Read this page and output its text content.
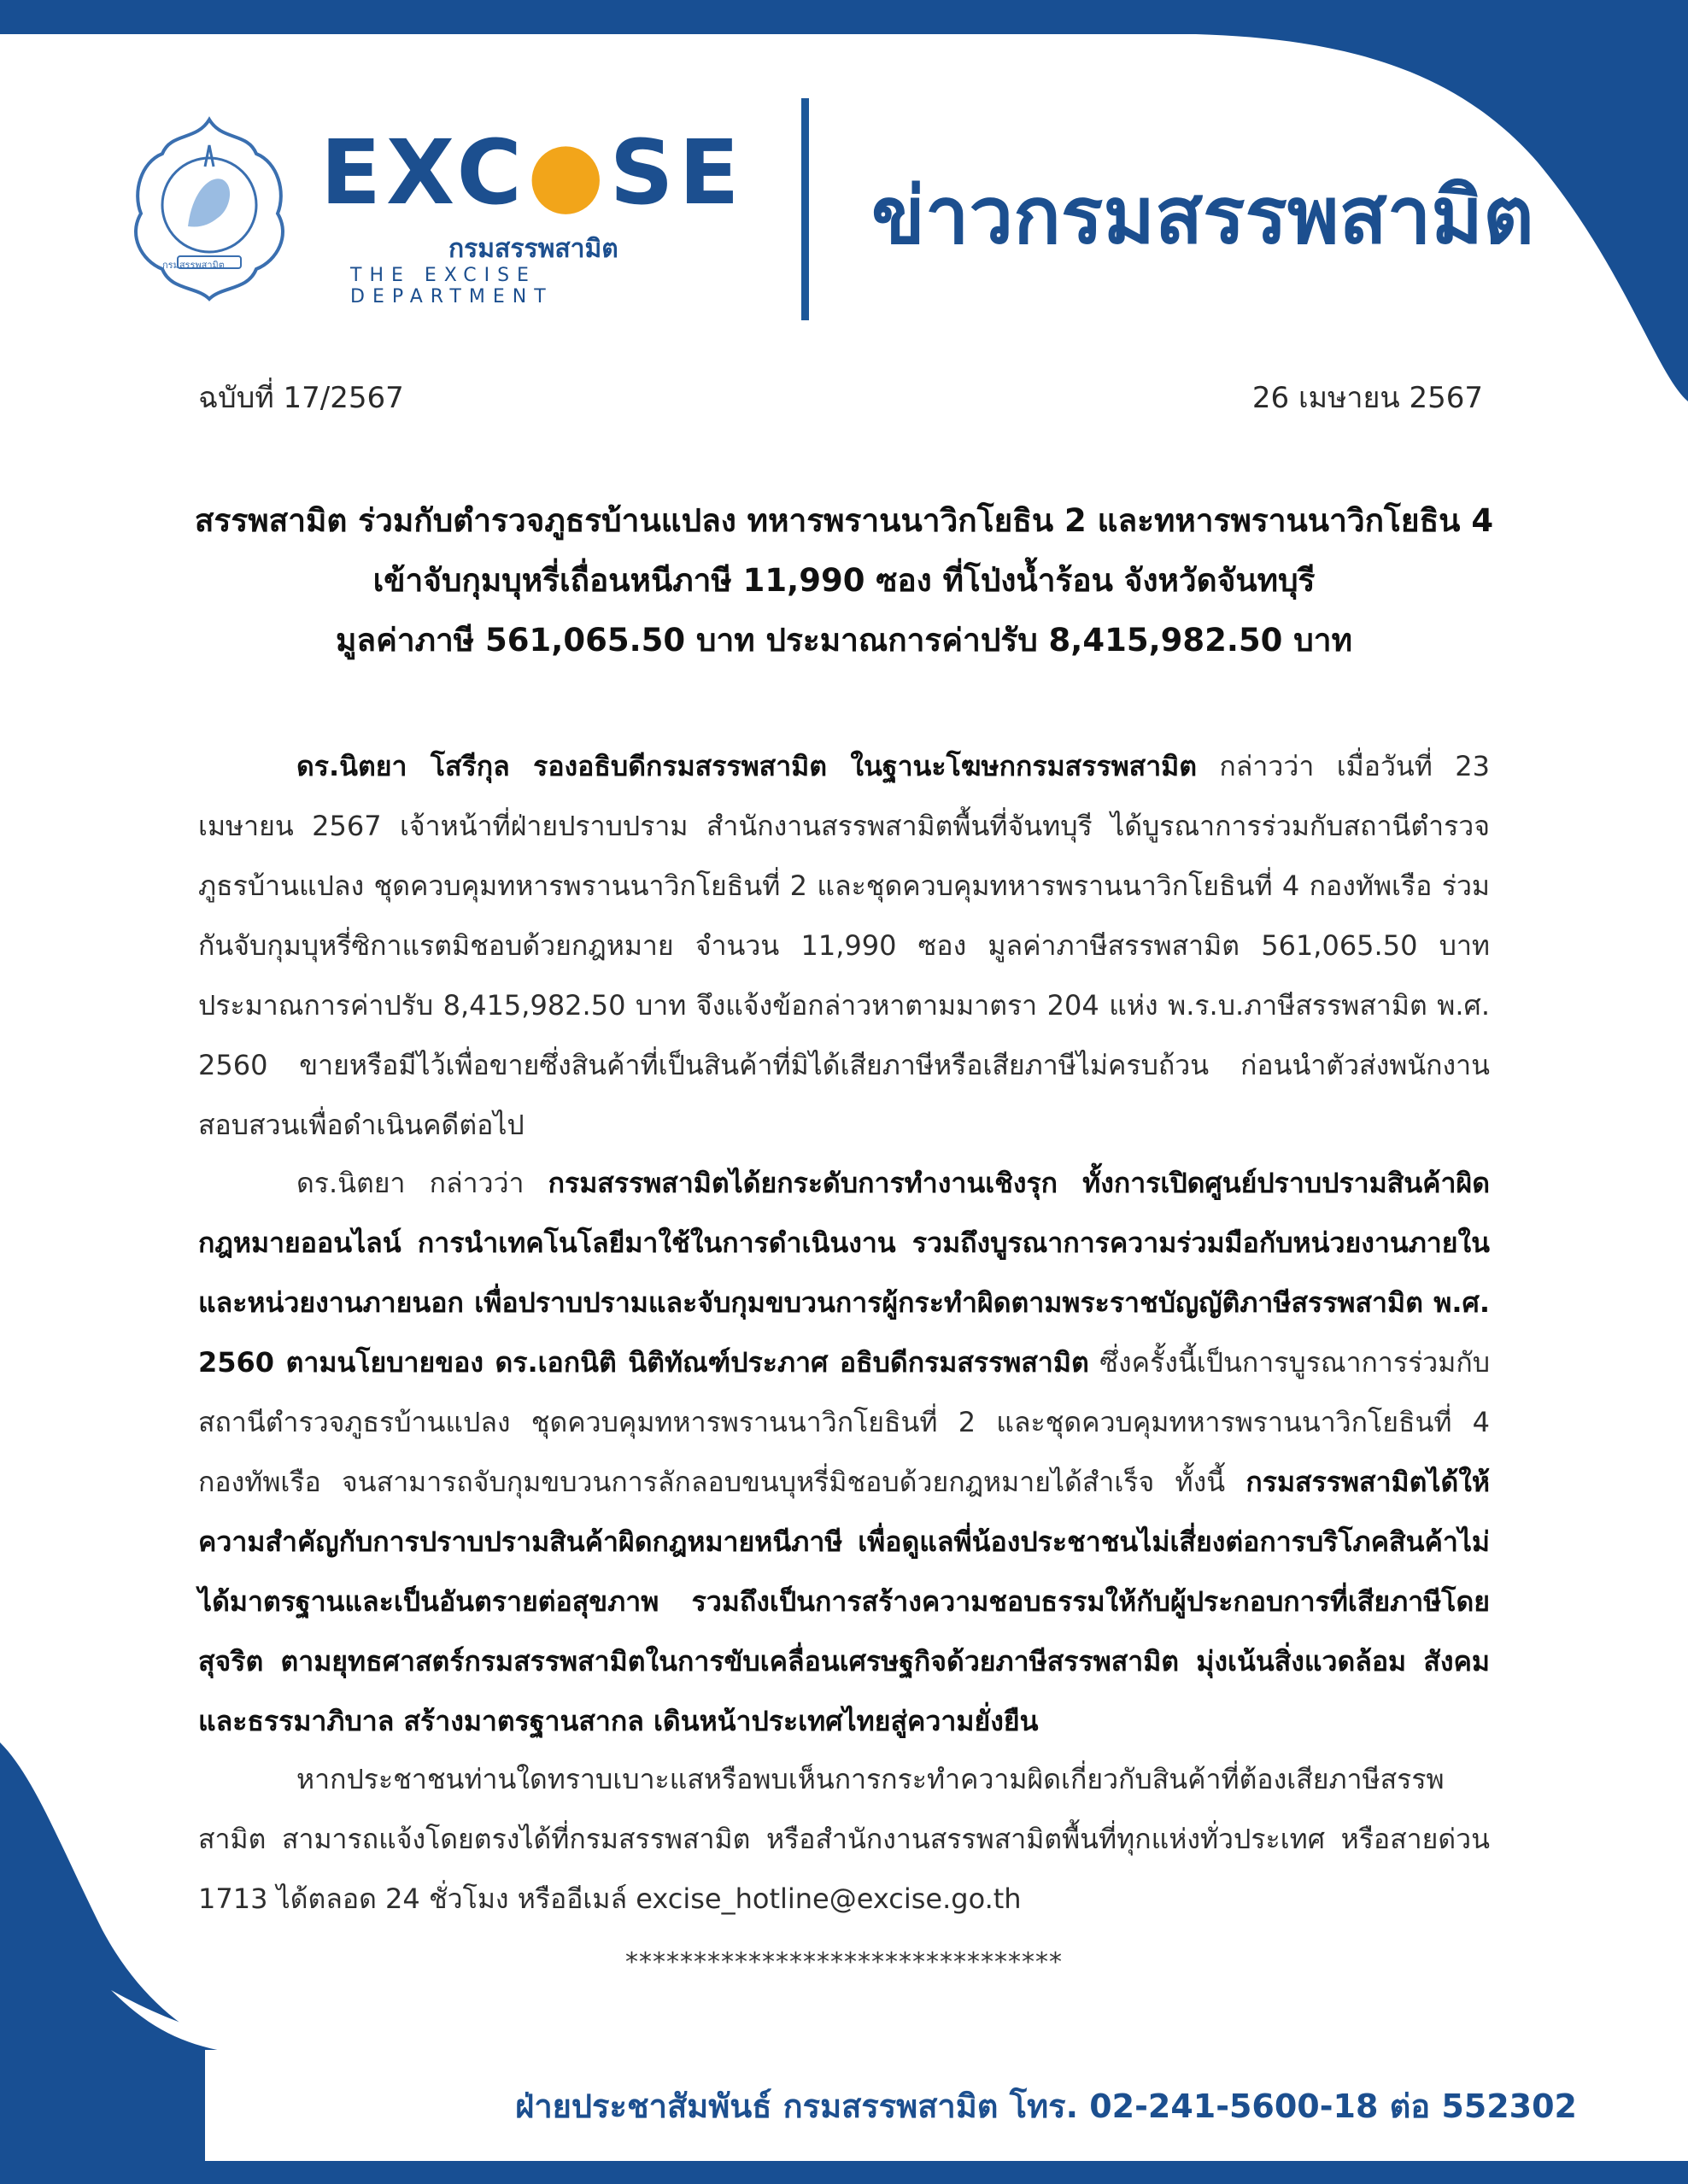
กรมสรรพสามิต
EXC●SE
กรมสรรพสามิต
THE EXCISE DEPARTMENT
ข่าวกรมสรรพสามิต
ฉบับที่ 17/2567	26 เมษายน 2567
สรรพสามิต ร่วมกับตำรวจภูธรบ้านแปลง ทหารพรานนาวิกโยธิน 2 และทหารพรานนาวิกโยธิน 4
เข้าจับกุมบุหรี่เถื่อนหนีภาษี 11,990 ซอง ที่โป่งน้ำร้อน จังหวัดจันทบุรี
มูลค่าภาษี 561,065.50 บาท ประมาณการค่าปรับ 8,415,982.50 บาท
ดร.นิตยา โสรีกุล รองอธิบดีกรมสรรพสามิต ในฐานะโฆษกกรมสรรพสามิต กล่าวว่า เมื่อวันที่ 23 เมษายน 2567 เจ้าหน้าที่ฝ่ายปราบปราม สำนักงานสรรพสามิตพื้นที่จันทบุรี ได้บูรณาการร่วมกับสถานีตำรวจภูธรบ้านแปลง ชุดควบคุมทหารพรานนาวิกโยธินที่ 2 และชุดควบคุมทหารพรานนาวิกโยธินที่ 4 กองทัพเรือ ร่วมกันจับกุมบุหรี่ซิกาแรตมิชอบด้วยกฎหมาย จำนวน 11,990 ซอง มูลค่าภาษีสรรพสามิต 561,065.50 บาท ประมาณการค่าปรับ 8,415,982.50 บาท จึงแจ้งข้อกล่าวหาตามมาตรา 204 แห่ง พ.ร.บ.ภาษีสรรพสามิต พ.ศ. 2560 ขายหรือมีไว้เพื่อขายซึ่งสินค้าที่เป็นสินค้าที่มิได้เสียภาษีหรือเสียภาษีไม่ครบถ้วน ก่อนนำตัวส่งพนักงานสอบสวนเพื่อดำเนินคดีต่อไป
ดร.นิตยา กล่าวว่า กรมสรรพสามิตได้ยกระดับการทำงานเชิงรุก ทั้งการเปิดศูนย์ปราบปรามสินค้าผิดกฎหมายออนไลน์ การนำเทคโนโลยีมาใช้ในการดำเนินงาน รวมถึงบูรณาการความร่วมมือกับหน่วยงานภายในและหน่วยงานภายนอก เพื่อปราบปรามและจับกุมขบวนการผู้กระทำผิดตามพระราชบัญญัติภาษีสรรพสามิต พ.ศ. 2560 ตามนโยบายของ ดร.เอกนิติ นิติทัณฑ์ประภาศ อธิบดีกรมสรรพสามิต ซึ่งครั้งนี้เป็นการบูรณาการร่วมกับสถานีตำรวจภูธรบ้านแปลง ชุดควบคุมทหารพรานนาวิกโยธินที่ 2 และชุดควบคุมทหารพรานนาวิกโยธินที่ 4 กองทัพเรือ จนสามารถจับกุมขบวนการลักลอบขนบุหรี่มิชอบด้วยกฎหมายได้สำเร็จ ทั้งนี้ กรมสรรพสามิตได้ให้ความสำคัญกับการปราบปรามสินค้าผิดกฎหมายหนีภาษี เพื่อดูแลพี่น้องประชาชนไม่เสี่ยงต่อการบริโภคสินค้าไม่ได้มาตรฐานและเป็นอันตรายต่อสุขภาพ รวมถึงเป็นการสร้างความชอบธรรมให้กับผู้ประกอบการที่เสียภาษีโดยสุจริต ตามยุทธศาสตร์กรมสรรพสามิตในการขับเคลื่อนเศรษฐกิจด้วยภาษีสรรพสามิต มุ่งเน้นสิ่งแวดล้อม สังคม และธรรมาภิบาล สร้างมาตรฐานสากล เดินหน้าประเทศไทยสู่ความยั่งยืน
หากประชาชนท่านใดทราบเบาะแสหรือพบเห็นการกระทำความผิดเกี่ยวกับสินค้าที่ต้องเสียภาษีสรรพสามิต สามารถแจ้งโดยตรงได้ที่กรมสรรพสามิต หรือสำนักงานสรรพสามิตพื้นที่ทุกแห่งทั่วประเทศ หรือสายด่วน 1713 ได้ตลอด 24 ชั่วโมง หรืออีเมล์ excise_hotline@excise.go.th
********************************
ฝ่ายประชาสัมพันธ์ กรมสรรพสามิต โทร. 02-241-5600-18 ต่อ 552302
